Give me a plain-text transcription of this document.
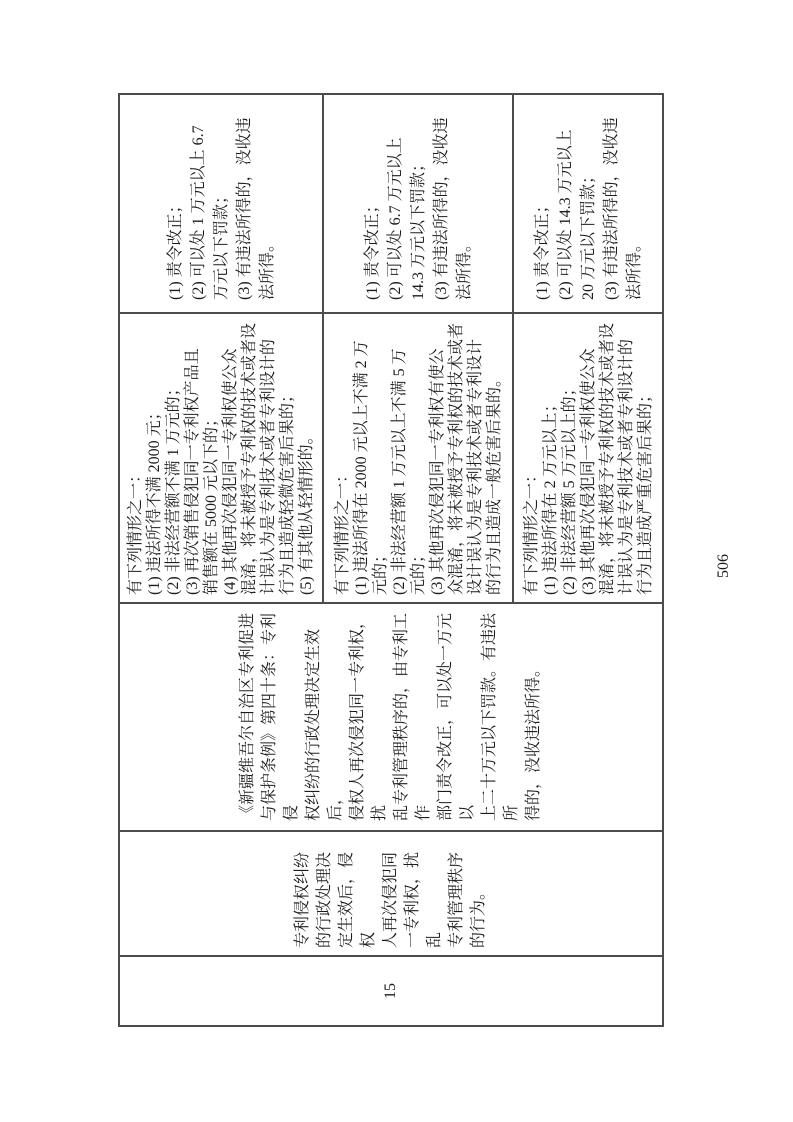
15
专利侵权纠纷
的行政处理决
定生效后，侵权
人再次侵犯同
一专利权，扰乱
专利管理秩序
的行为。
《新疆维吾尔自治区专利促进
与保护条例》第四十条：专利侵
权纠纷的行政处理决定生效后，
侵权人再次侵犯同一专利权，扰
乱专利管理秩序的，由专利工作
部门责令改正，可以处一万元以
上二十万元以下罚款。有违法所
得的，没收违法所得。
有下列情形之一：
(1) 违法所得不满 2000 元；
(2) 非法经营额不满 1 万元的；
(3) 再次销售侵犯同一专利权产品且
销售额在 5000 元以下的；
(4) 其他再次侵犯同一专利权使公众
混淆，将未被授予专利权的技术或者设
计误认为是专利技术或者专利设计的
行为且造成轻微危害后果的；
(5) 有其他从轻情形的。
(1) 责令改正；
(2) 可以处 1 万元以上 6.7
万元以下罚款；
(3) 有违法所得的，没收违
法所得。
有下列情形之一：
(1) 违法所得在 2000 元以上不满 2 万
元的；
(2) 非法经营额 1 万元以上不满 5 万
元的；
(3) 其他再次侵犯同一专利权有使公
众混淆，将未被授予专利权的技术或者
设计误认为是专利技术或者专利设计
的行为且造成一般危害后果的。
(1) 责令改正；
(2) 可以处 6.7 万元以上
14.3 万元以下罚款；
(3) 有违法所得的，没收违
法所得。
有下列情形之一：
(1) 违法所得在 2 万元以上；
(2) 非法经营额 5 万元以上的；
(3) 其他再次侵犯同一专利权使公众
混淆，将未被授予专利权的技术或者设
计误认为是专利技术或者专利设计的
行为且造成严重危害后果的；
(1) 责令改正；
(2) 可以处 14.3 万元以上
20 万元以下罚款；
(3) 有违法所得的，没收违
法所得。
506
